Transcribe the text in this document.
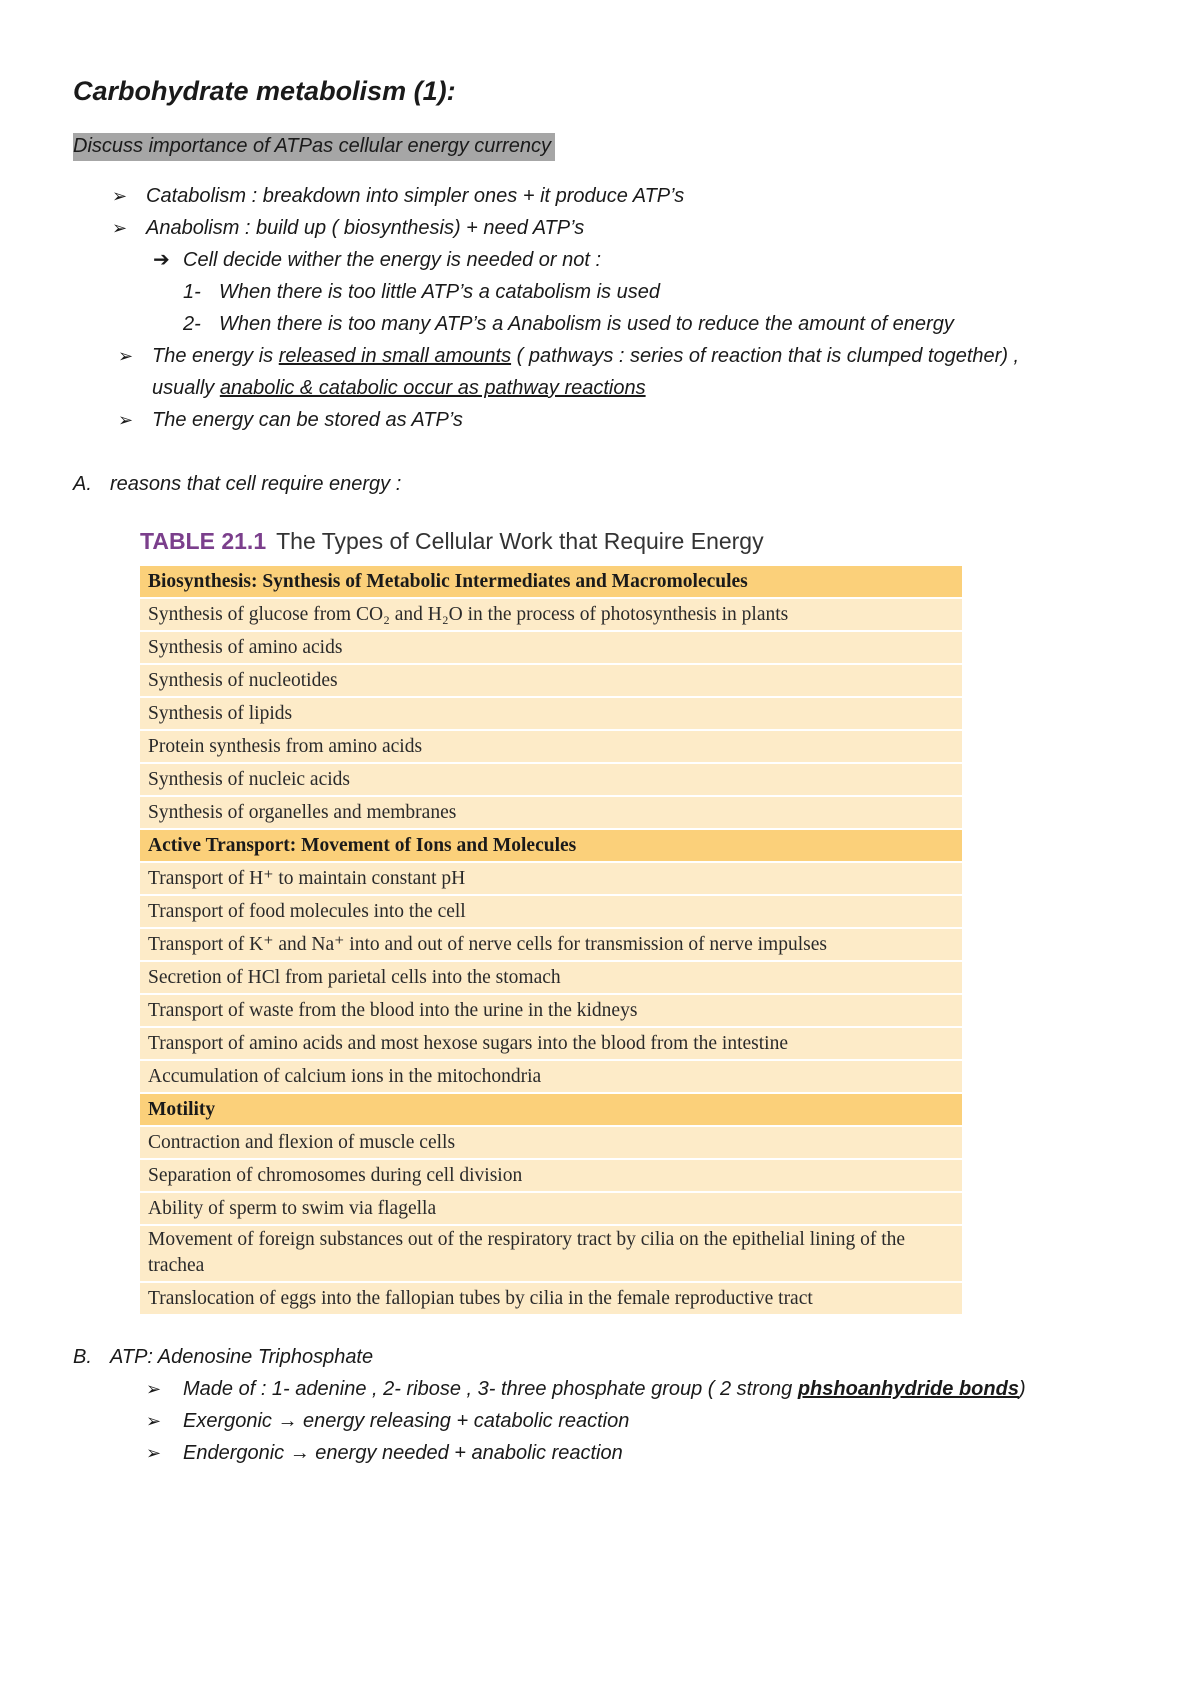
Carbohydrate metabolism (1):
Discuss importance of ATPas cellular energy currency
➢ Catabolism : breakdown into simpler ones + it produce ATP’s
➢ Anabolism : build up ( biosynthesis) + need ATP’s
➔ Cell decide wither the energy is needed or not :
1- When there is too little ATP’s a catabolism is used
2- When there is too many ATP’s a Anabolism is used to reduce the amount of energy
➢ The energy is released in small amounts ( pathways : series of reaction that is clumped together) ,
usually anabolic & catabolic occur as pathway reactions
➢ The energy can be stored as ATP’s
A. reasons that cell require energy :
TABLE 21.1 The Types of Cellular Work that Require Energy
Biosynthesis: Synthesis of Metabolic Intermediates and Macromolecules
Synthesis of glucose from CO₂ and H₂O in the process of photosynthesis in plants
Synthesis of amino acids
Synthesis of nucleotides
Synthesis of lipids
Protein synthesis from amino acids
Synthesis of nucleic acids
Synthesis of organelles and membranes
Active Transport: Movement of Ions and Molecules
Transport of H⁺ to maintain constant pH
Transport of food molecules into the cell
Transport of K⁺ and Na⁺ into and out of nerve cells for transmission of nerve impulses
Secretion of HCl from parietal cells into the stomach
Transport of waste from the blood into the urine in the kidneys
Transport of amino acids and most hexose sugars into the blood from the intestine
Accumulation of calcium ions in the mitochondria
Motility
Contraction and flexion of muscle cells
Separation of chromosomes during cell division
Ability of sperm to swim via flagella
Movement of foreign substances out of the respiratory tract by cilia on the epithelial lining of the trachea
Translocation of eggs into the fallopian tubes by cilia in the female reproductive tract
B. ATP: Adenosine Triphosphate
➢ Made of : 1- adenine , 2- ribose , 3- three phosphate group ( 2 strong phshoanhydride bonds)
➢ Exergonic → energy releasing + catabolic reaction
➢ Endergonic → energy needed + anabolic reaction
